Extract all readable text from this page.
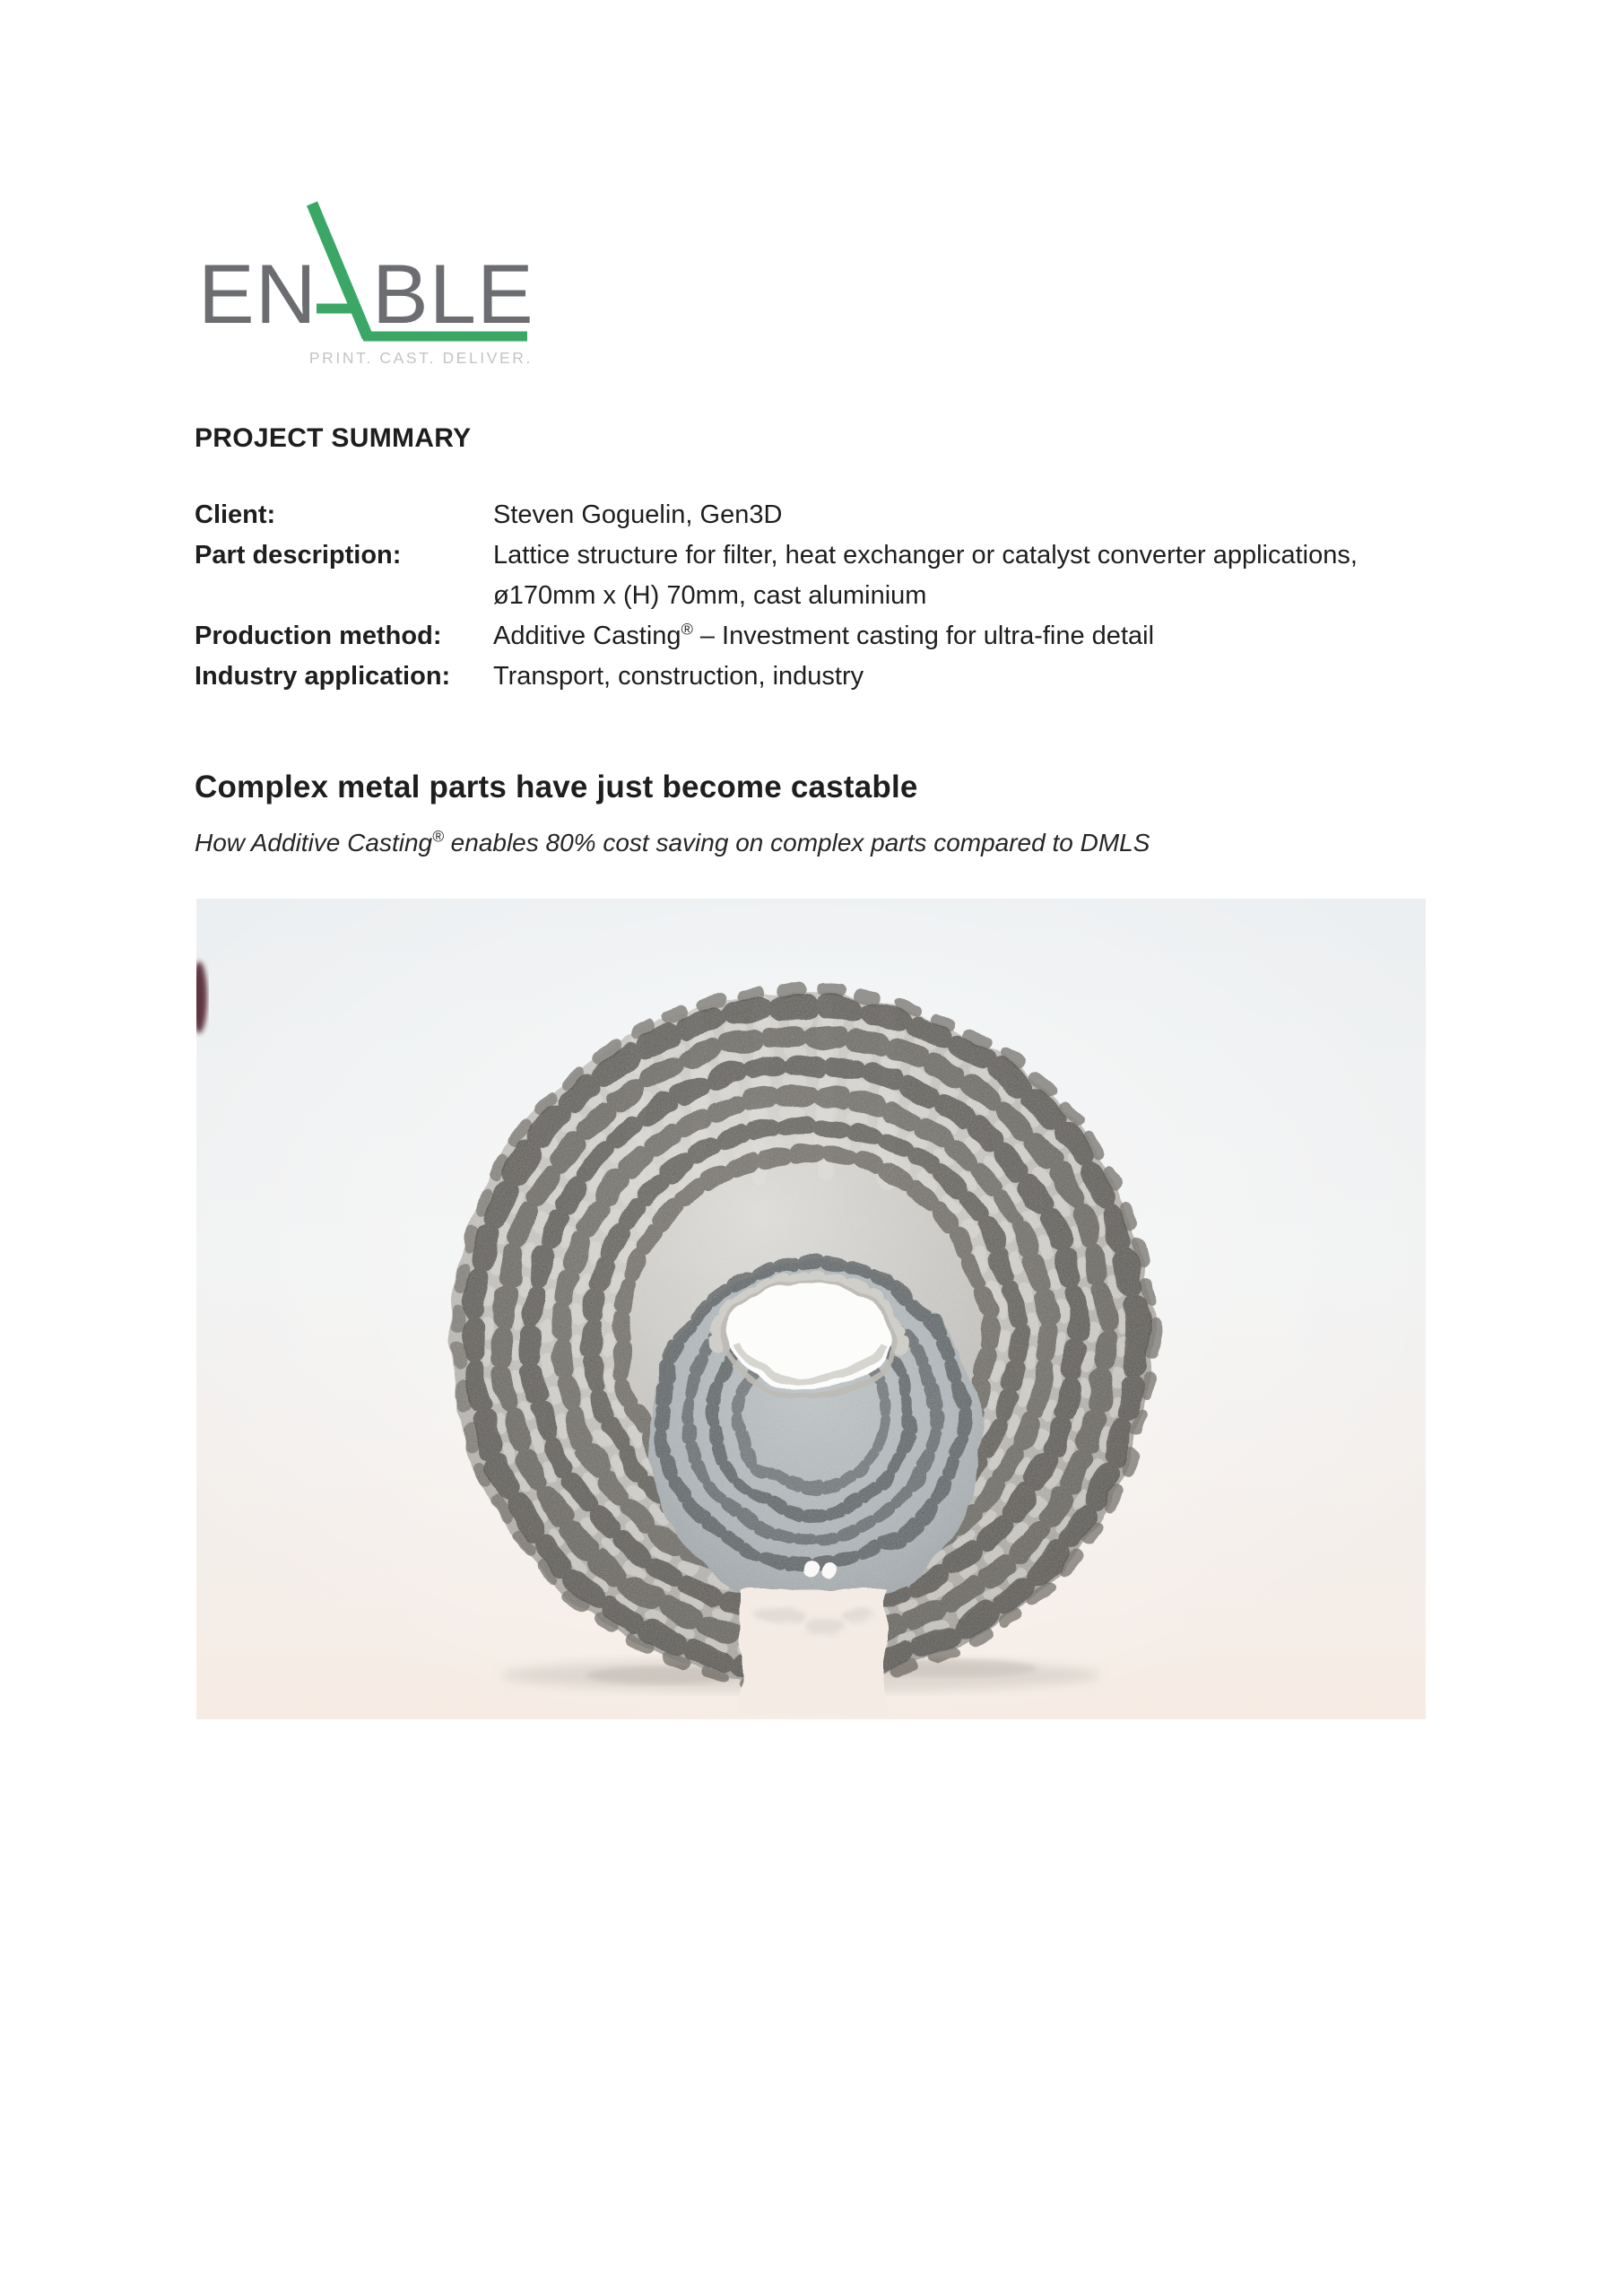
EN BLE
PRINT. CAST. DELIVER.
PROJECT SUMMARY
Client:	Steven Goguelin, Gen3D
Part description:	Lattice structure for filter, heat exchanger or catalyst converter applications,
ø170mm x (H) 70mm, cast aluminium
Production method:	Additive Casting® – Investment casting for ultra-fine detail
Industry application:	Transport, construction, industry
Complex metal parts have just become castable
How Additive Casting® enables 80% cost saving on complex parts compared to DMLS
